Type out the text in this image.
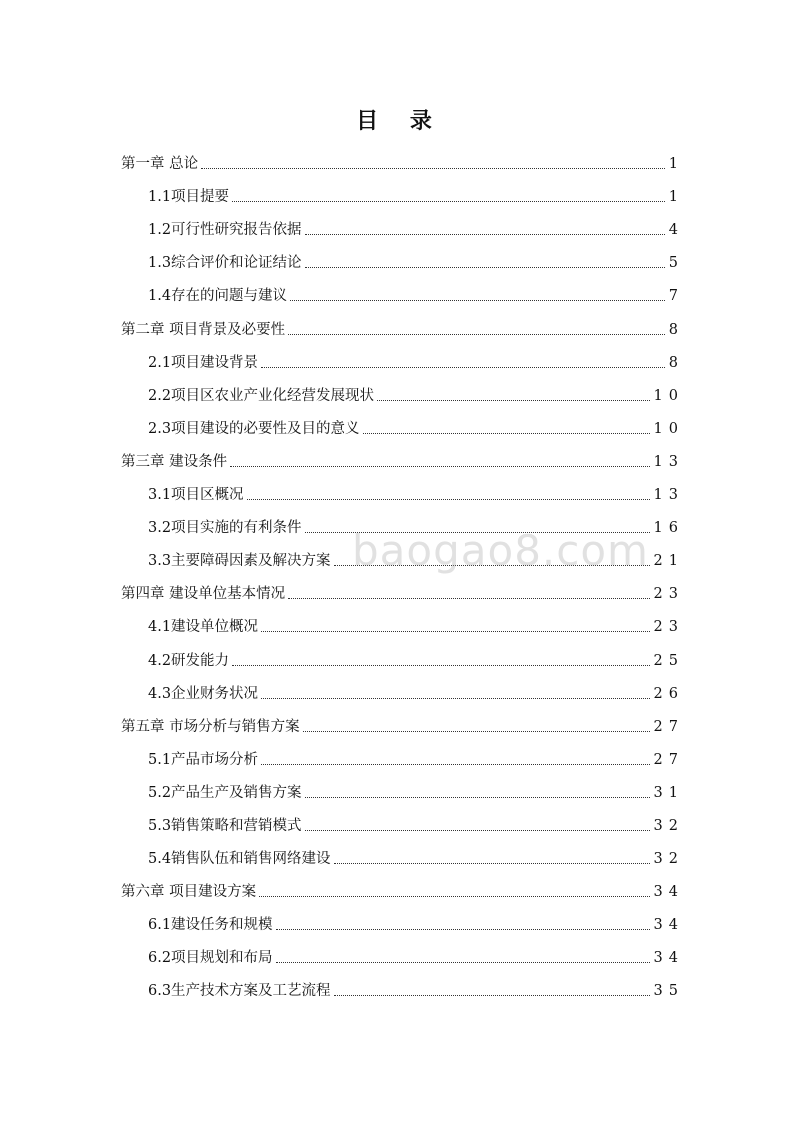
目 录
第一章 总论	1
1.1项目提要	1
1.2可行性研究报告依据	4
1.3综合评价和论证结论	5
1.4存在的问题与建议	7
第二章 项目背景及必要性	8
2.1项目建设背景	8
2.2项目区农业产业化经营发展现状	10
2.3项目建设的必要性及目的意义	10
第三章 建设条件	13
3.1项目区概况	13
3.2项目实施的有利条件	16
3.3主要障碍因素及解决方案	21
第四章 建设单位基本情况	23
4.1建设单位概况	23
4.2研发能力	25
4.3企业财务状况	26
第五章 市场分析与销售方案	27
5.1产品市场分析	27
5.2产品生产及销售方案	31
5.3销售策略和营销模式	32
5.4销售队伍和销售网络建设	32
第六章 项目建设方案	34
6.1建设任务和规模	34
6.2项目规划和布局	34
6.3生产技术方案及工艺流程	35
baogao8.com
